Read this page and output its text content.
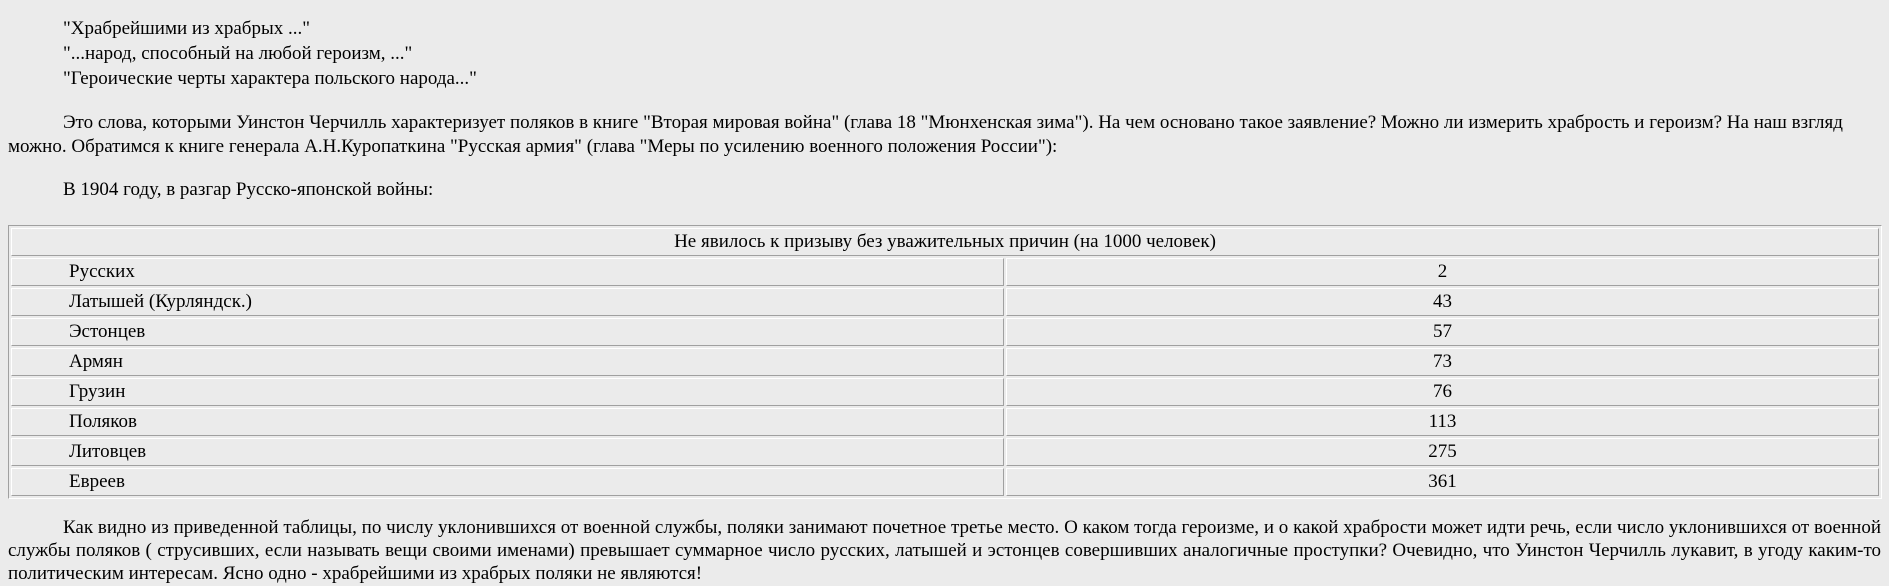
"Храбрейшими из храбрых ..."
"...народ, способный на любой героизм, ..."
"Героические черты характера польского народа..."

Это слова, которыми Уинстон Черчилль характеризует поляков в книге "Вторая мировая война" (глава 18 "Мюнхенская зима"). На чем основано такое заявление? Можно ли измерить храбрость и героизм? На наш взгляд можно. Обратимся к книге генерала А.Н.Куропаткина "Русская армия" (глава "Меры по усилению военного положения России"):

В 1904 году, в разгар Русско-японской войны:
Не явилось к призыву без уважительных причин (на 1000 человек)	
Русских	2
Латышей (Курляндск.)	43
Эстонцев	57
Армян	73
Грузин	76
Поляков	113
Литовцев	275
Евреев	361

Как видно из приведенной таблицы, по числу уклонившихся от военной службы, поляки занимают почетное третье место. О каком тогда героизме, и о какой храбрости может идти речь, если число уклонившихся от военной службы поляков ( струсивших, если называть вещи своими именами) превышает суммарное число русских, латышей и эстонцев совершивших аналогичные проступки? Очевидно, что Уинстон Черчилль лукавит, в угоду каким-то политическим интересам. Ясно одно - храбрейшими из храбрых поляки не являются!
